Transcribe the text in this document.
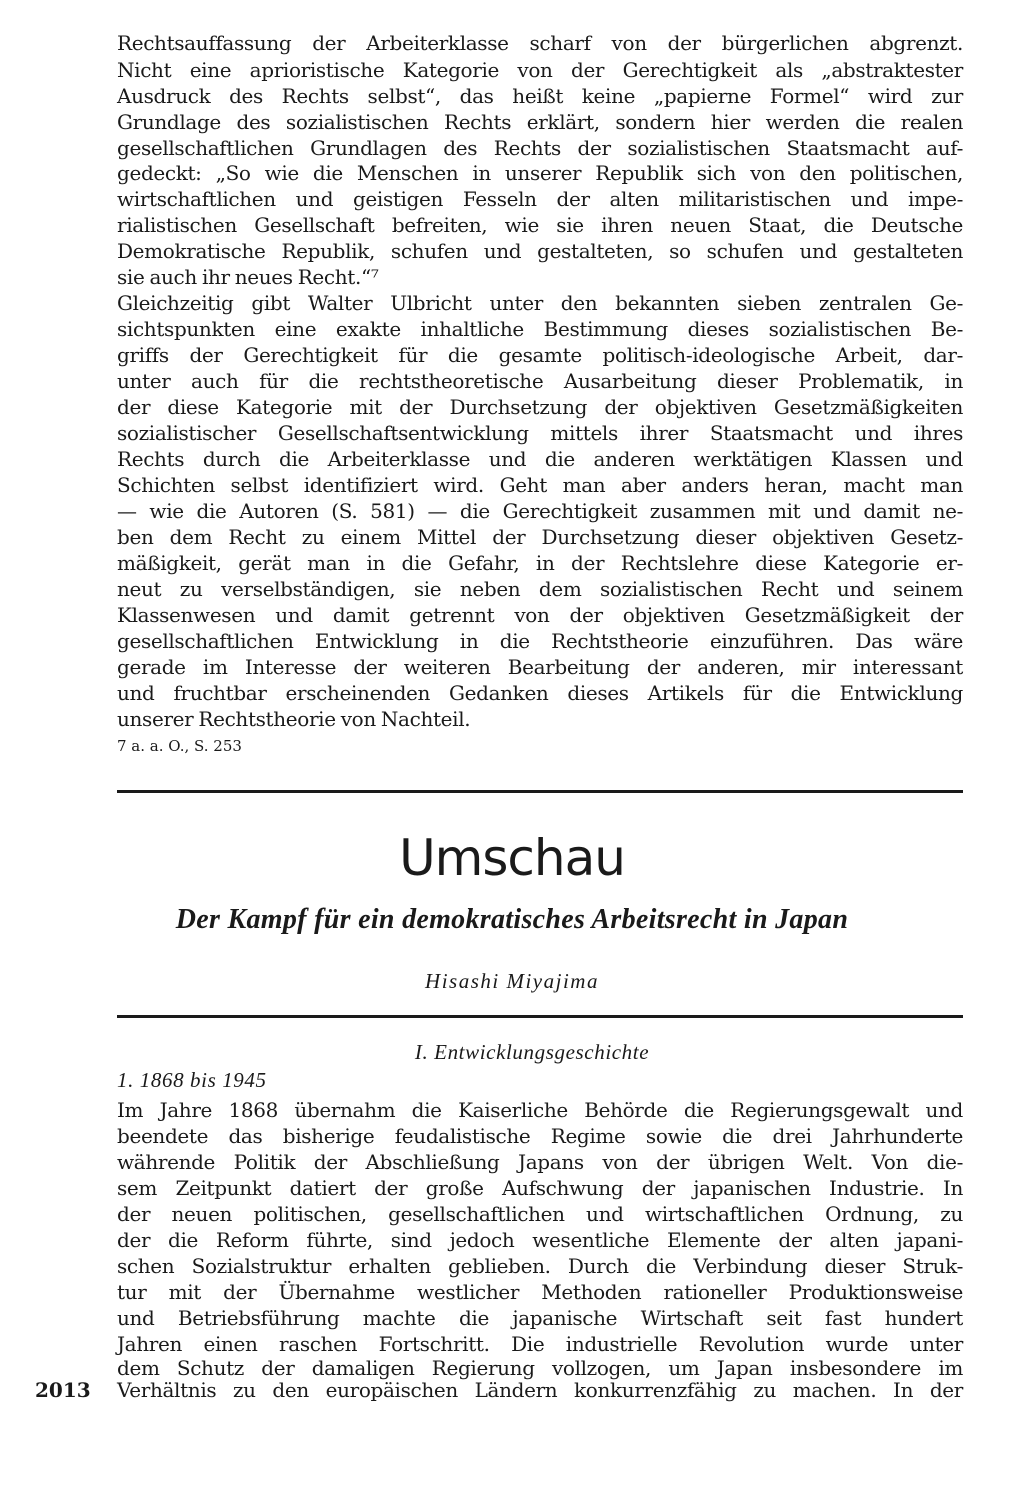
Rechtsauffassung der Arbeiterklasse scharf von der bürgerlichen abgrenzt.
Nicht eine aprioristische Kategorie von der Gerechtigkeit als „abstraktester
Ausdruck des Rechts selbst“, das heißt keine „papierne Formel“ wird zur
Grundlage des sozialistischen Rechts erklärt, sondern hier werden die realen
gesellschaftlichen Grundlagen des Rechts der sozialistischen Staatsmacht auf-
gedeckt: „So wie die Menschen in unserer Republik sich von den politischen,
wirtschaftlichen und geistigen Fesseln der alten militaristischen und impe-
rialistischen Gesellschaft befreiten, wie sie ihren neuen Staat, die Deutsche
Demokratische Republik, schufen und gestalteten, so schufen und gestalteten
sie auch ihr neues Recht.“⁷
Gleichzeitig gibt Walter Ulbricht unter den bekannten sieben zentralen Ge-
sichtspunkten eine exakte inhaltliche Bestimmung dieses sozialistischen Be-
griffs der Gerechtigkeit für die gesamte politisch-ideologische Arbeit, dar-
unter auch für die rechtstheoretische Ausarbeitung dieser Problematik, in
der diese Kategorie mit der Durchsetzung der objektiven Gesetzmäßigkeiten
sozialistischer Gesellschaftsentwicklung mittels ihrer Staatsmacht und ihres
Rechts durch die Arbeiterklasse und die anderen werktätigen Klassen und
Schichten selbst identifiziert wird. Geht man aber anders heran, macht man
— wie die Autoren (S. 581) — die Gerechtigkeit zusammen mit und damit ne-
ben dem Recht zu einem Mittel der Durchsetzung dieser objektiven Gesetz-
mäßigkeit, gerät man in die Gefahr, in der Rechtslehre diese Kategorie er-
neut zu verselbständigen, sie neben dem sozialistischen Recht und seinem
Klassenwesen und damit getrennt von der objektiven Gesetzmäßigkeit der
gesellschaftlichen Entwicklung in die Rechtstheorie einzuführen. Das wäre
gerade im Interesse der weiteren Bearbeitung der anderen, mir interessant
und fruchtbar erscheinenden Gedanken dieses Artikels für die Entwicklung
unserer Rechtstheorie von Nachteil.
7 a. a. O., S. 253
Umschau
Der Kampf für ein demokratisches Arbeitsrecht in Japan
Hisashi Miyajima
I. Entwicklungsgeschichte
1. 1868 bis 1945
Im Jahre 1868 übernahm die Kaiserliche Behörde die Regierungsgewalt und
beendete das bisherige feudalistische Regime sowie die drei Jahrhunderte
währende Politik der Abschließung Japans von der übrigen Welt. Von die-
sem Zeitpunkt datiert der große Aufschwung der japanischen Industrie. In
der neuen politischen, gesellschaftlichen und wirtschaftlichen Ordnung, zu
der die Reform führte, sind jedoch wesentliche Elemente der alten japani-
schen Sozialstruktur erhalten geblieben. Durch die Verbindung dieser Struk-
tur mit der Übernahme westlicher Methoden rationeller Produktionsweise
und Betriebsführung machte die japanische Wirtschaft seit fast hundert
Jahren einen raschen Fortschritt. Die industrielle Revolution wurde unter
dem Schutz der damaligen Regierung vollzogen, um Japan insbesondere im
Verhältnis zu den europäischen Ländern konkurrenzfähig zu machen. In der
2013
